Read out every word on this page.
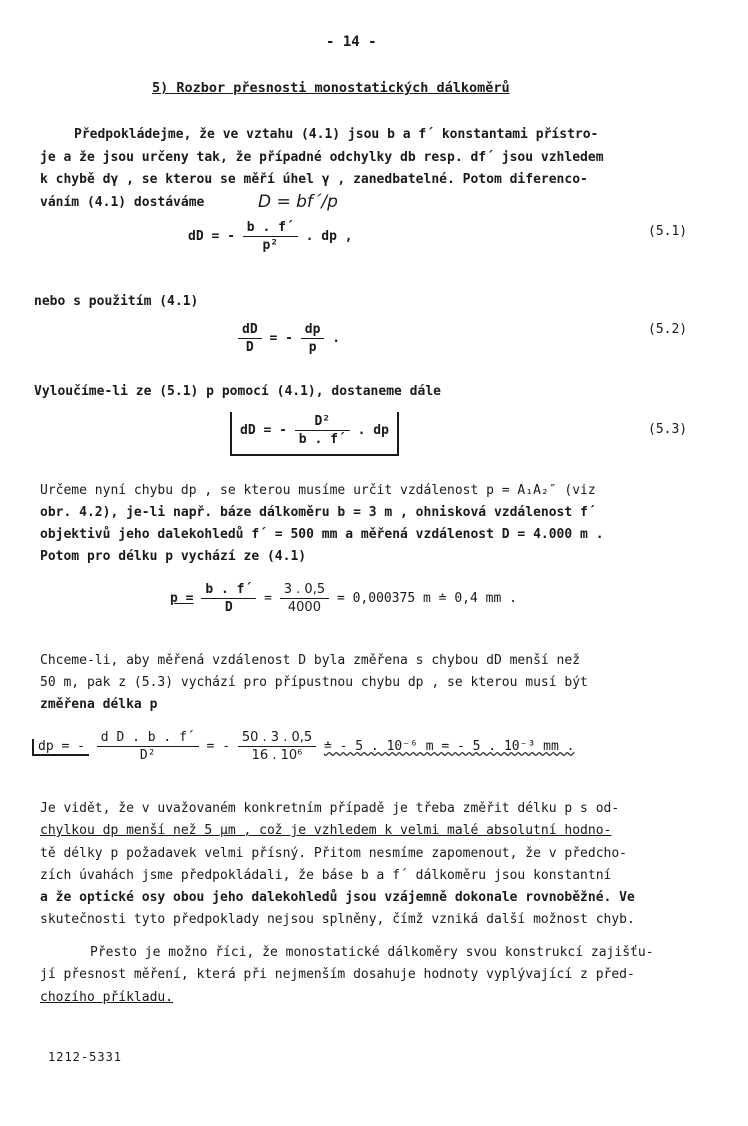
- 14 -
5) Rozbor přesnosti monostatických dálkoměrů
Předpokládejme, že ve vztahu (4.1) jsou b a f´ konstantami přístro-
je a že jsou určeny tak, že případné odchylky db resp. df´ jsou vzhledem
k chybě dγ , se kterou se měří úhel γ , zanedbatelné. Potom diferenco-
váním (4.1) dostáváme	D = bf´/p
dD = - $\frac{b . f´}{\text{p²}}$ . dp ,	(5.1)
nebo s použitím (4.1)
$\frac{dD}{D}$ = - $\frac{dp}{p}$ .
(5.2)
Vyloučíme-li ze (5.1) p pomocí (4.1), dostaneme dále
dD = - $\frac{\text{D²}}{b . f´}$ . dp	(5.3)
Určeme nyní chybu dp , se kterou musíme určit vzdálenost p = A₁A₂″ (viz
obr. 4.2), je-li např. báze dálkoměru b = 3 m , ohnisková vzdálenost f´
objektivů jeho dalekohledů f´ = 500 mm a měřená vzdálenost D = 4.000 m .
Potom pro délku p vychází ze (4.1)
$p = \frac{b . f´}{D} = \frac{3 . 0,5}{4000} = 0,000375$ m ≐ 0,4 mm .
Chceme-li, aby měřená vzdálenost D byla změřena s chybou dD menší než
50 m, pak z (5.3) vychází pro přípustnou chybu dp , se kterou musí být
změřena délka p
dp = - $\frac{\text{d D . b . f´}}{\text{D²}}$ = - $\frac{50 . 3 . 0,5}{\text{16 . 10⁶}}$ ≐ - 5 . 10⁻⁶ m = - 5 . 10⁻³ mm .
Je vidět, že v uvažovaném konkretním případě je třeba změřit délku p s od-
chylkou dp menší než 5 μm , což je vzhledem k velmi malé absolutní hodno-
tě délky p požadavek velmi přísný. Přitom nesmíme zapomenout, že v předcho-
zích úvahách jsme předpokládali, že báse b a f´ dálkoměru jsou konstantní
a že optické osy obou jeho dalekohledů jsou vzájemně dokonale rovnoběžné. Ve
skutečnosti tyto předpoklady nejsou splněny, čímž vzniká další možnost chyb.
Přesto je možno říci, že monostatické dálkoměry svou konstrukcí zajišťu-
jí přesnost měření, která při nejmenším dosahuje hodnoty vyplývající z před-
chozího příkladu.
1212-5331
